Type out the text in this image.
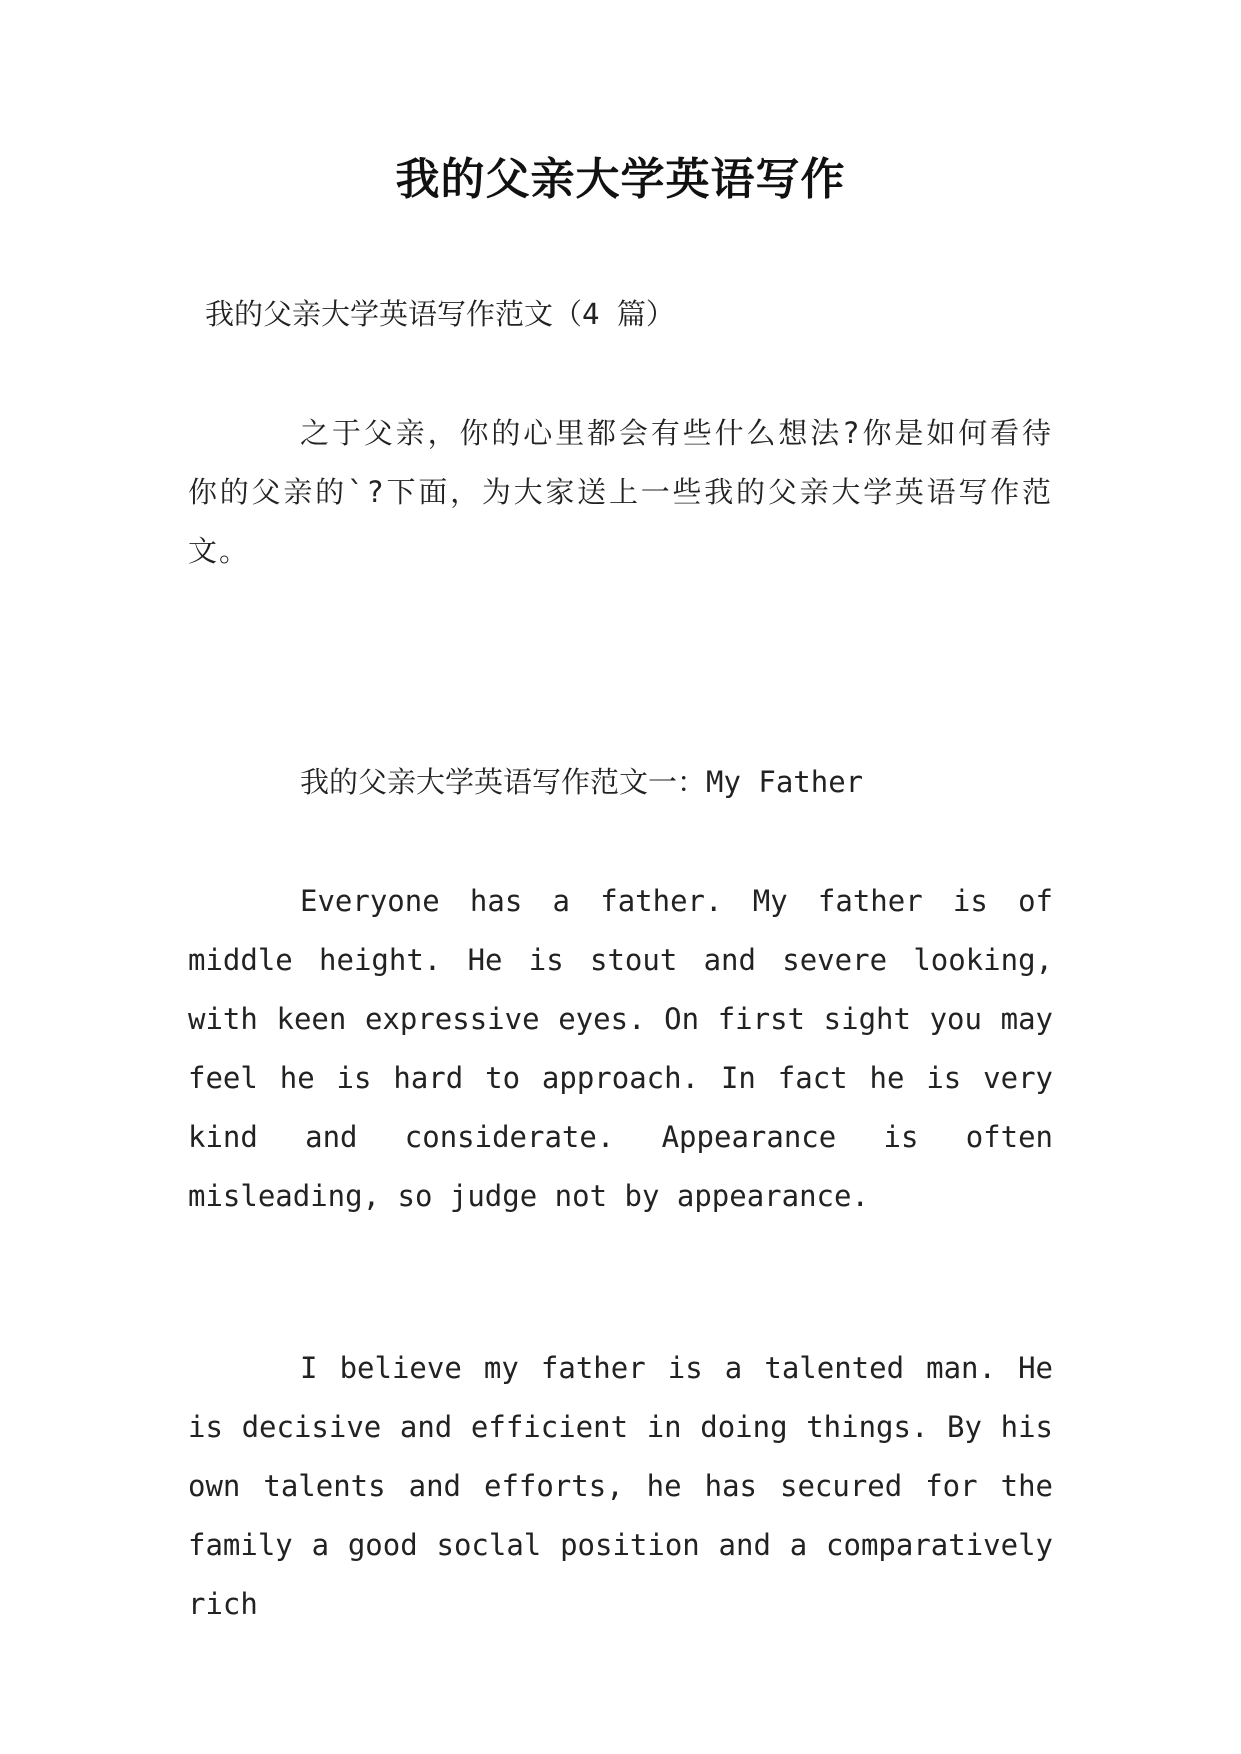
我的父亲大学英语写作
我的父亲大学英语写作范文（4 篇）

之于父亲，你的心里都会有些什么想法?你是如何看待你的父亲的`?下面，为大家送上一些我的父亲大学英语写作范文。

我的父亲大学英语写作范文一：My Father

Everyone has a father. My father is of middle height. He is stout and severe looking, with keen expressive eyes. On first sight you may feel he is hard to approach. In fact he is very kind and considerate. Appearance is often misleading, so judge not by appearance.

I believe my father is a talented man. He is decisive and efficient in doing things. By his own talents and efforts, he has secured for the family a good soclal position and a comparatively rich
